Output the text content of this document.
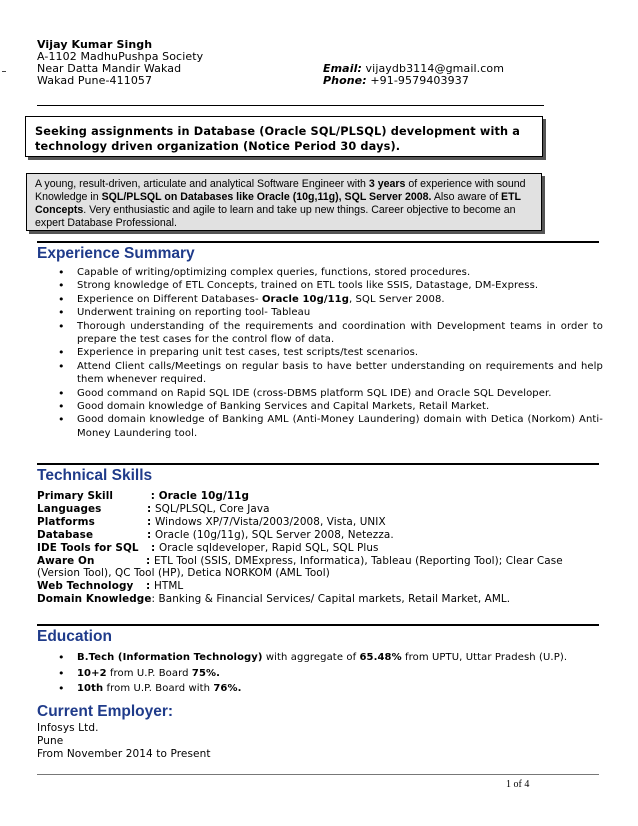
Vijay Kumar Singh
A-1102 MadhuPushpa Society
Near Datta Mandir Wakad
Wakad Pune-411057
Email: vijaydb3114@gmail.com
Phone: +91-9579403937
Seeking assignments in Database (Oracle SQL/PLSQL) development with a technology driven organization (Notice Period 30 days).
A young, result-driven, articulate and analytical Software Engineer with 3 years of experience with sound Knowledge in SQL/PLSQL on Databases like Oracle (10g,11g), SQL Server 2008. Also aware of ETL Concepts. Very enthusiastic and agile to learn and take up new things. Career objective to become an expert Database Professional.
Experience Summary
• Capable of writing/optimizing complex queries, functions, stored procedures.
• Strong knowledge of ETL Concepts, trained on ETL tools like SSIS, Datastage, DM-Express.
• Experience on Different Databases- Oracle 10g/11g, SQL Server 2008.
• Underwent training on reporting tool- Tableau
• Thorough understanding of the requirements and coordination with Development teams in order to prepare the test cases for the control flow of data.
• Experience in preparing unit test cases, test scripts/test scenarios.
• Attend Client calls/Meetings on regular basis to have better understanding on requirements and help them whenever required.
• Good command on Rapid SQL IDE (cross-DBMS platform SQL IDE) and Oracle SQL Developer.
• Good domain knowledge of Banking Services and Capital Markets, Retail Market.
• Good domain knowledge of Banking AML (Anti-Money Laundering) domain with Detica (Norkom) Anti-Money Laundering tool.
Technical Skills
Primary Skill	: Oracle 10g/11g
Languages	: SQL/PLSQL, Core Java
Platforms	: Windows XP/7/Vista/2003/2008, Vista, UNIX
Database	: Oracle (10g/11g), SQL Server 2008, Netezza.
IDE Tools for SQL : Oracle sqldeveloper, Rapid SQL, SQL Plus
Aware On	: ETL Tool (SSIS, DMExpress, Informatica), Tableau (Reporting Tool); Clear Case (Version Tool), QC Tool (HP), Detica NORKOM (AML Tool)
Web Technology : HTML
Domain Knowledge: Banking & Financial Services/ Capital markets, Retail Market, AML.
Education
• B.Tech (Information Technology) with aggregate of 65.48% from UPTU, Uttar Pradesh (U.P).
• 10+2 from U.P. Board 75%.
• 10th from U.P. Board with 76%.
Current Employer:
Infosys Ltd.
Pune
From November 2014 to Present
1 of 4
